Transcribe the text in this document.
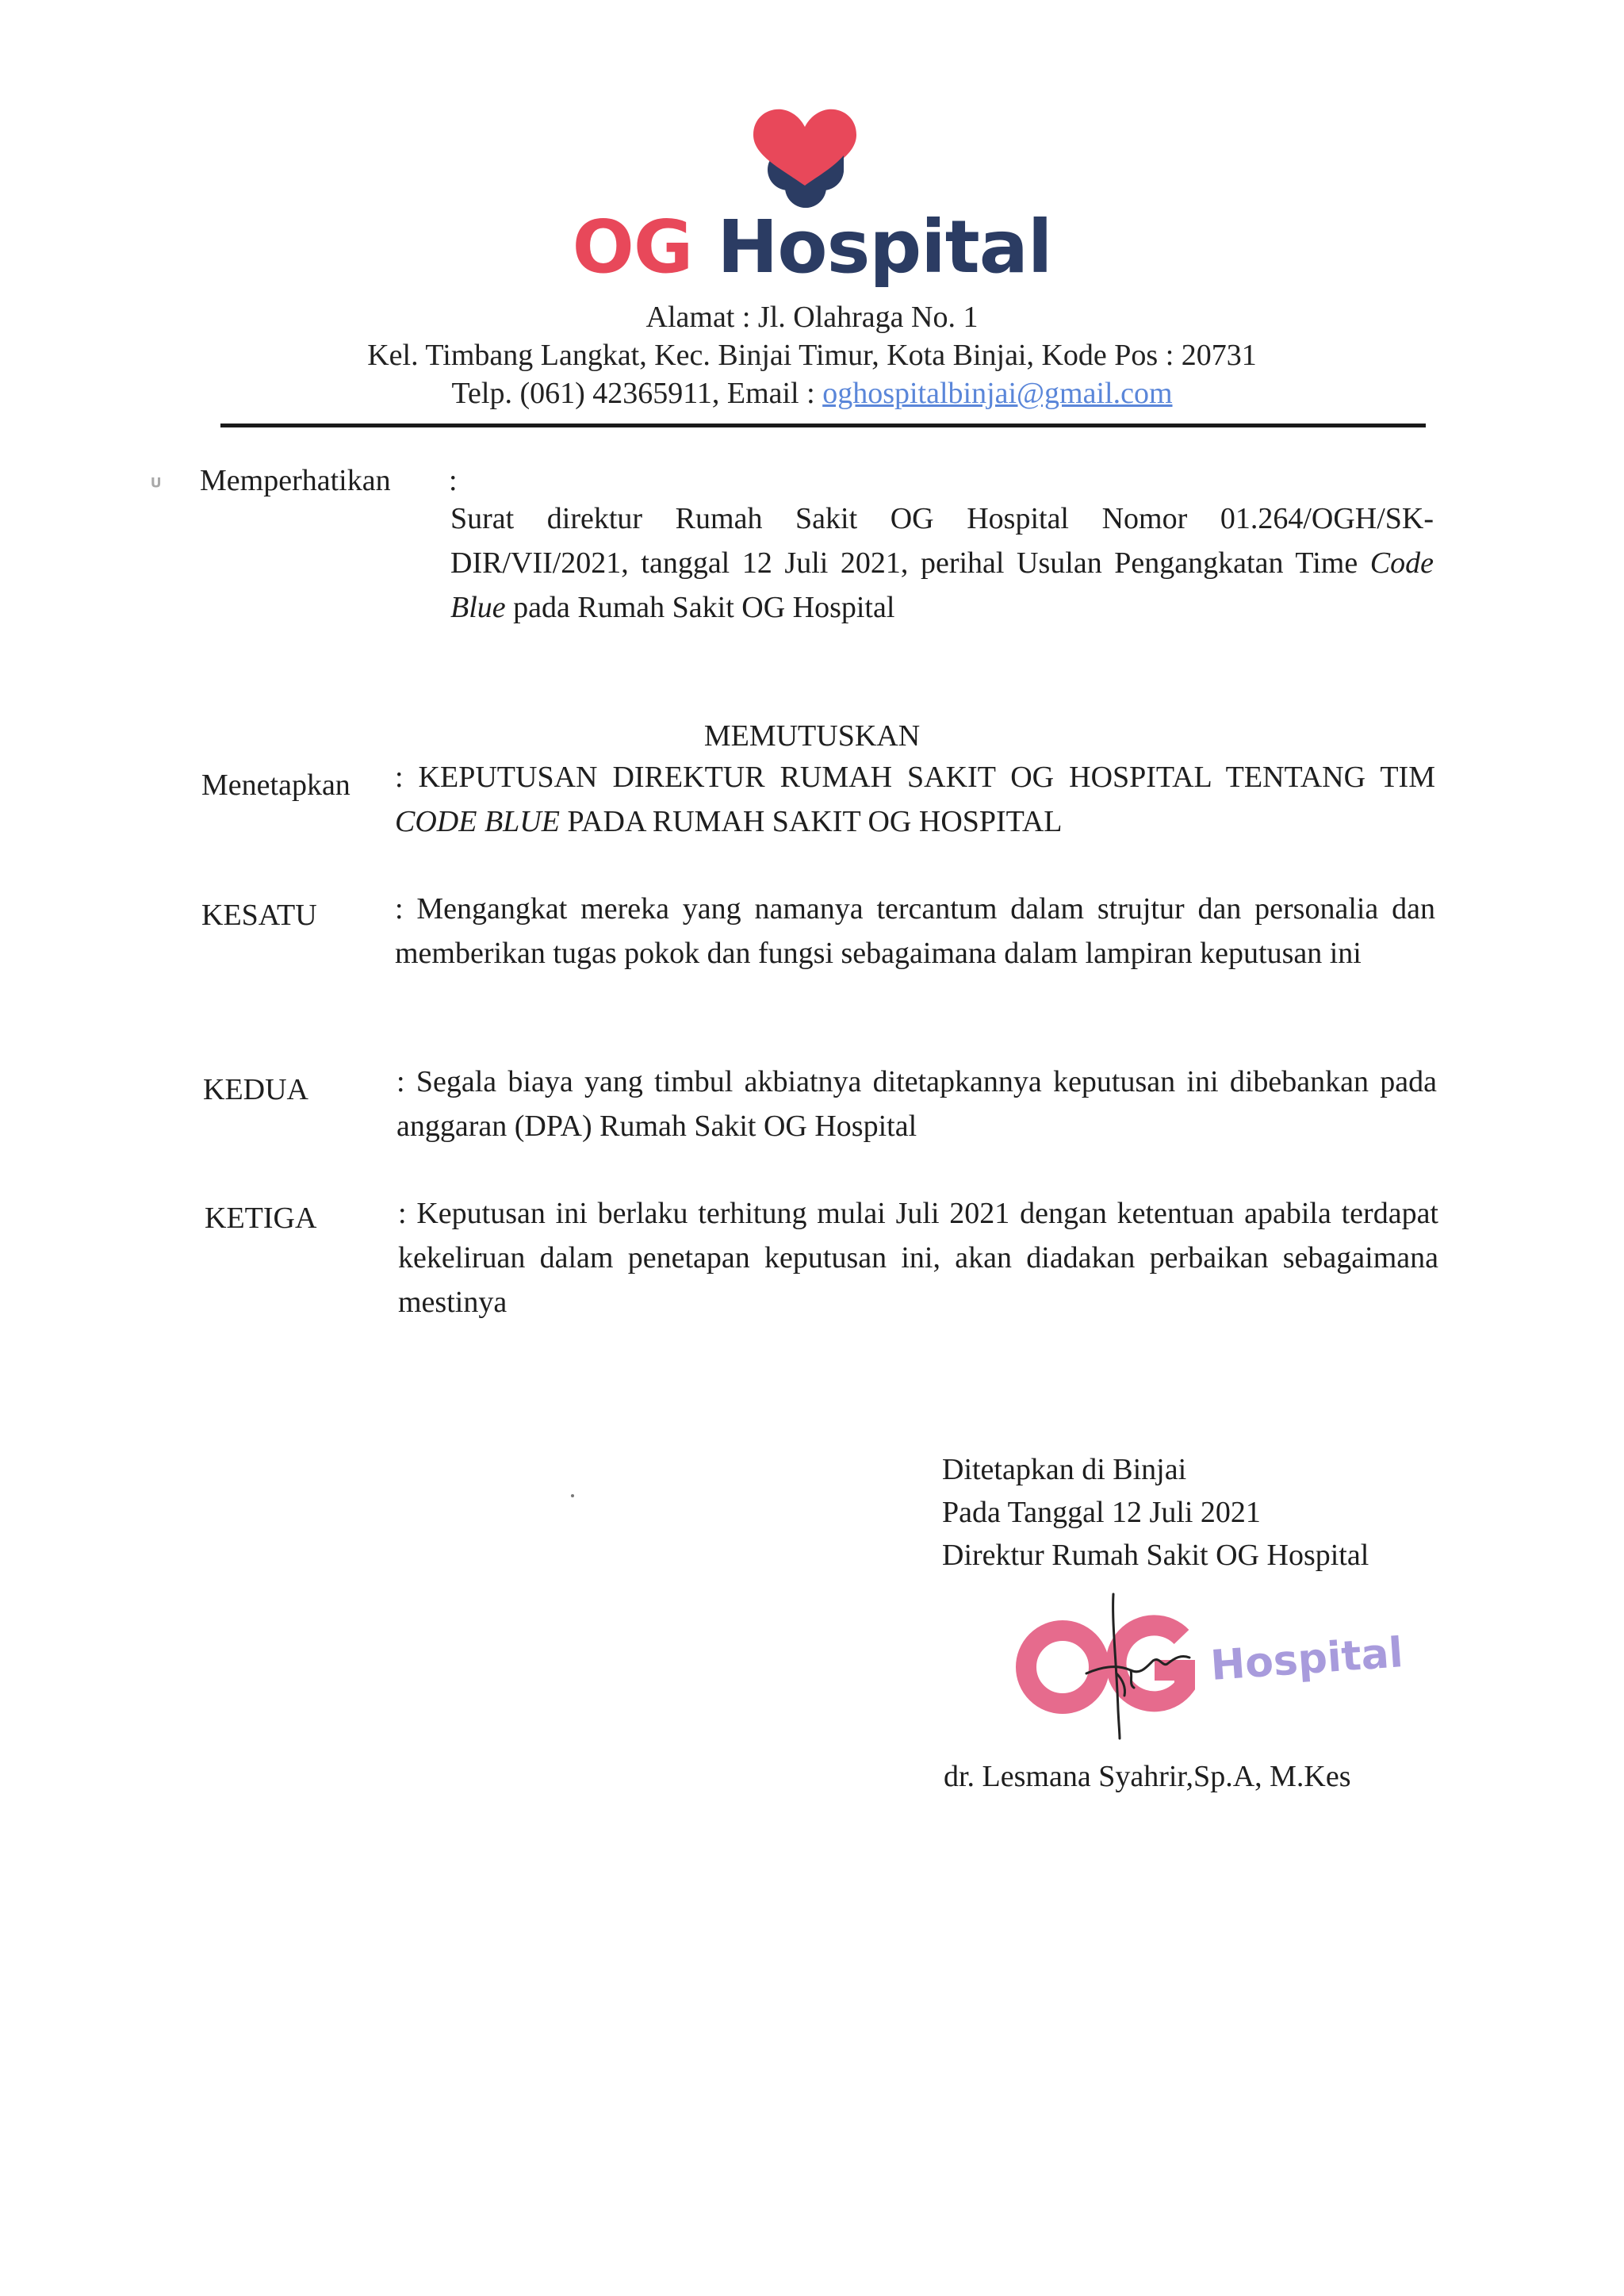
OG Hospital
Alamat : Jl. Olahraga No. 1
Kel. Timbang Langkat, Kec. Binjai Timur, Kota Binjai, Kode Pos : 20731
Telp. (061) 42365911, Email : oghospitalbinjai@gmail.com
𝛖 Memperhatikan :
Surat direktur Rumah Sakit OG Hospital Nomor 01.264/OGH/SK-DIR/VII/2021, tanggal 12 Juli 2021, perihal Usulan Pengangkatan Time Code Blue pada Rumah Sakit OG Hospital
MEMUTUSKAN
Menetapkan : KEPUTUSAN DIREKTUR RUMAH SAKIT OG HOSPITAL TENTANG TIM CODE BLUE PADA RUMAH SAKIT OG HOSPITAL
KESATU	: Mengangkat mereka yang namanya tercantum dalam strujtur dan personalia dan memberikan tugas pokok dan fungsi sebagaimana dalam lampiran keputusan ini
KEDUA	: Segala biaya yang timbul akbiatnya ditetapkannya keputusan ini dibebankan pada anggaran (DPA) Rumah Sakit OG Hospital
KETIGA	: Keputusan ini berlaku terhitung mulai Juli 2021 dengan ketentuan apabila terdapat kekeliruan dalam penetapan keputusan ini, akan diadakan perbaikan sebagaimana mestinya
Ditetapkan di Binjai
Pada Tanggal 12 Juli 2021
Direktur Rumah Sakit OG Hospital
Hospital
dr. Lesmana Syahrir,Sp.A, M.Kes
